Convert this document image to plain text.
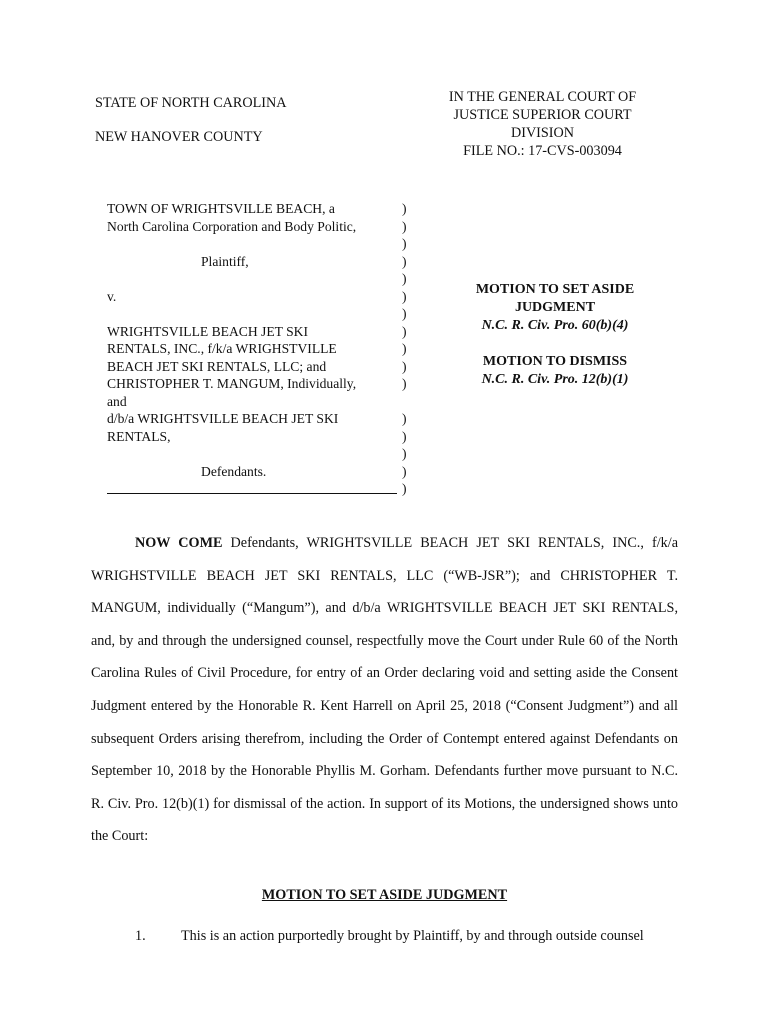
STATE OF NORTH CAROLINA
NEW HANOVER COUNTY
IN THE GENERAL COURT OF
JUSTICE SUPERIOR COURT
DIVISION
FILE NO.: 17-CVS-003094
TOWN OF WRIGHTSVILLE BEACH, a
North Carolina Corporation and Body Politic,
Plaintiff,
v.
WRIGHTSVILLE BEACH JET SKI
RENTALS, INC., f/k/a WRIGHSTVILLE
BEACH JET SKI RENTALS, LLC; and
CHRISTOPHER T. MANGUM, Individually,
and
d/b/a WRIGHTSVILLE BEACH JET SKI
RENTALS,
Defendants.
)
)
)
)
)
)
)
)
)
)
)
)
)
)
)
)
MOTION TO SET ASIDE
JUDGMENT
N.C. R. Civ. Pro. 60(b)(4)
MOTION TO DISMISS
N.C. R. Civ. Pro. 12(b)(1)

NOW COME Defendants, WRIGHTSVILLE BEACH JET SKI RENTALS, INC., f/k/a WRIGHSTVILLE BEACH JET SKI RENTALS, LLC (“WB-JSR”); and CHRISTOPHER T. MANGUM, individually (“Mangum”), and d/b/a WRIGHTSVILLE BEACH JET SKI RENTALS, and, by and through the undersigned counsel, respectfully move the Court under Rule 60 of the North Carolina Rules of Civil Procedure, for entry of an Order declaring void and setting aside the Consent Judgment entered by the Honorable R. Kent Harrell on April 25, 2018 (“Consent Judgment”) and all subsequent Orders arising therefrom, including the Order of Contempt entered against Defendants on September 10, 2018 by the Honorable Phyllis M. Gorham. Defendants further move pursuant to N.C. R. Civ. Pro. 12(b)(1) for dismissal of the action. In support of its Motions, the undersigned shows unto the Court:

MOTION TO SET ASIDE JUDGMENT
1. This is an action purportedly brought by Plaintiff, by and through outside counsel
